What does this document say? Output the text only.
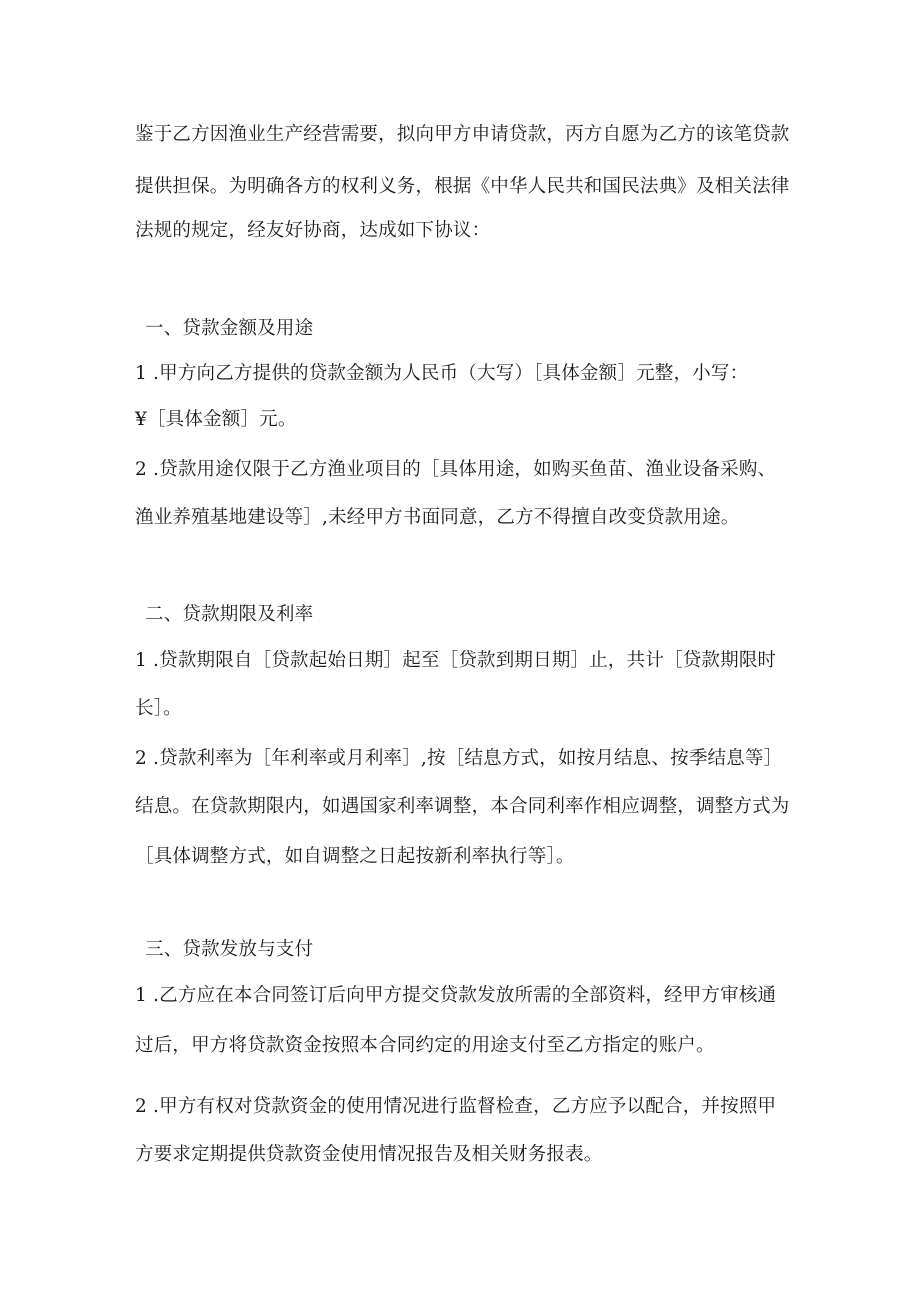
鉴于乙方因渔业生产经营需要，拟向甲方申请贷款，丙方自愿为乙方的该笔贷款
提供担保。为明确各方的权利义务，根据《中华人民共和国民法典》及相关法律
法规的规定，经友好协商，达成如下协议：
一、贷款金额及用途
1 .甲方向乙方提供的贷款金额为人民币（大写）［具体金额］元整，小写：
¥［具体金额］元。
2 .贷款用途仅限于乙方渔业项目的［具体用途，如购买鱼苗、渔业设备采购、
渔业养殖基地建设等］,未经甲方书面同意，乙方不得擅自改变贷款用途。
二、贷款期限及利率
1 .贷款期限自［贷款起始日期］起至［贷款到期日期］止，共计［贷款期限时
长］。
2 .贷款利率为［年利率或月利率］,按［结息方式，如按月结息、按季结息等］
结息。在贷款期限内，如遇国家利率调整，本合同利率作相应调整，调整方式为
［具体调整方式，如自调整之日起按新利率执行等］。
三、贷款发放与支付
1 .乙方应在本合同签订后向甲方提交贷款发放所需的全部资料，经甲方审核通
过后，甲方将贷款资金按照本合同约定的用途支付至乙方指定的账户。
2 .甲方有权对贷款资金的使用情况进行监督检查，乙方应予以配合，并按照甲
方要求定期提供贷款资金使用情况报告及相关财务报表。
